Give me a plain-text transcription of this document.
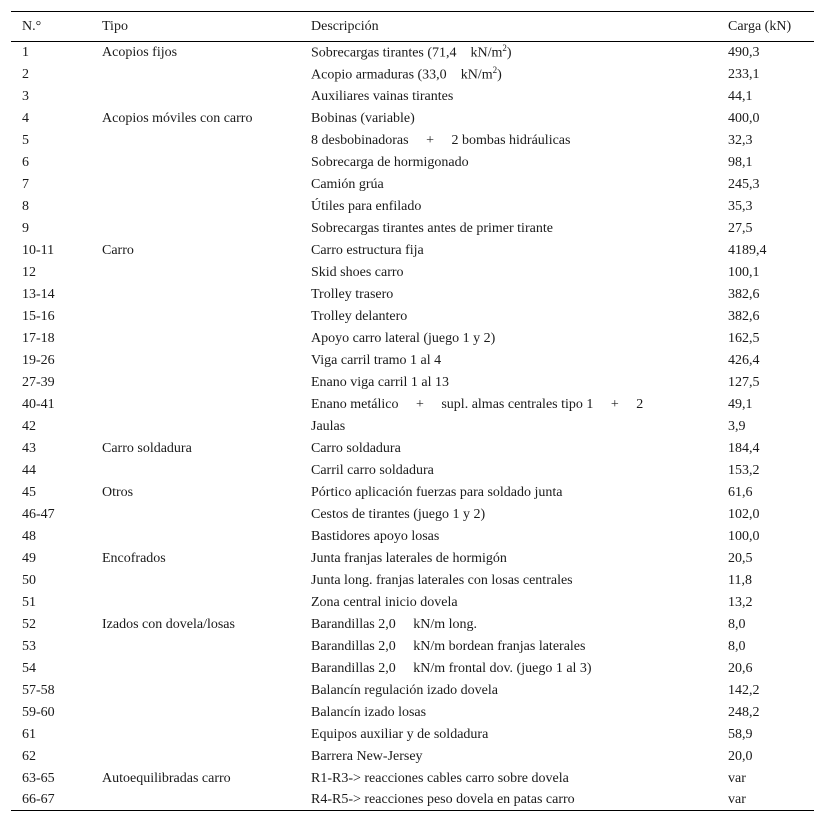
N.°	Tipo	Descripción	Carga (kN)
1	Acopios fijos	Sobrecargas tirantes (71,4 $kN/m^2$)	490,3
2		Acopio armaduras (33,0 $kN/m^2$)	233,1
3		Auxiliares vainas tirantes	44,1
4	Acopios móviles con carro	Bobinas (variable)	400,0
5		8 desbobinadoras     +     2 bombas hidráulicas	32,3
6		Sobrecarga de hormigonado	98,1
7		Camión grúa	245,3
8		Útiles para enfilado	35,3
9		Sobrecargas tirantes antes de primer tirante	27,5
10-11	Carro	Carro estructura fija	4189,4
12		Skid shoes carro	100,1
13-14		Trolley trasero	382,6
15-16		Trolley delantero	382,6
17-18		Apoyo carro lateral (juego 1 y 2)	162,5
19-26		Viga carril tramo 1 al 4	426,4
27-39		Enano viga carril 1 al 13	127,5
40-41		Enano metálico     +     supl. almas centrales tipo 1     +     2	49,1
42		Jaulas	3,9
43	Carro soldadura	Carro soldadura	184,4
44		Carril carro soldadura	153,2
45	Otros	Pórtico aplicación fuerzas para soldado junta	61,6
46-47		Cestos de tirantes (juego 1 y 2)	102,0
48		Bastidores apoyo losas	100,0
49	Encofrados	Junta franjas laterales de hormigón	20,5
50		Junta long. franjas laterales con losas centrales	11,8
51		Zona central inicio dovela	13,2
52	Izados con dovela/losas	Barandillas 2,0     kN/m long.	8,0
53		Barandillas 2,0     kN/m bordean franjas laterales	8,0
54		Barandillas 2,0     kN/m frontal dov. (juego 1 al 3)	20,6
57-58		Balancín regulación izado dovela	142,2
59-60		Balancín izado losas	248,2
61		Equipos auxiliar y de soldadura	58,9
62		Barrera New-Jersey	20,0
63-65	Autoequilibradas carro	R1-R3-> reacciones cables carro sobre dovela	var
66-67		R4-R5-> reacciones peso dovela en patas carro	var
